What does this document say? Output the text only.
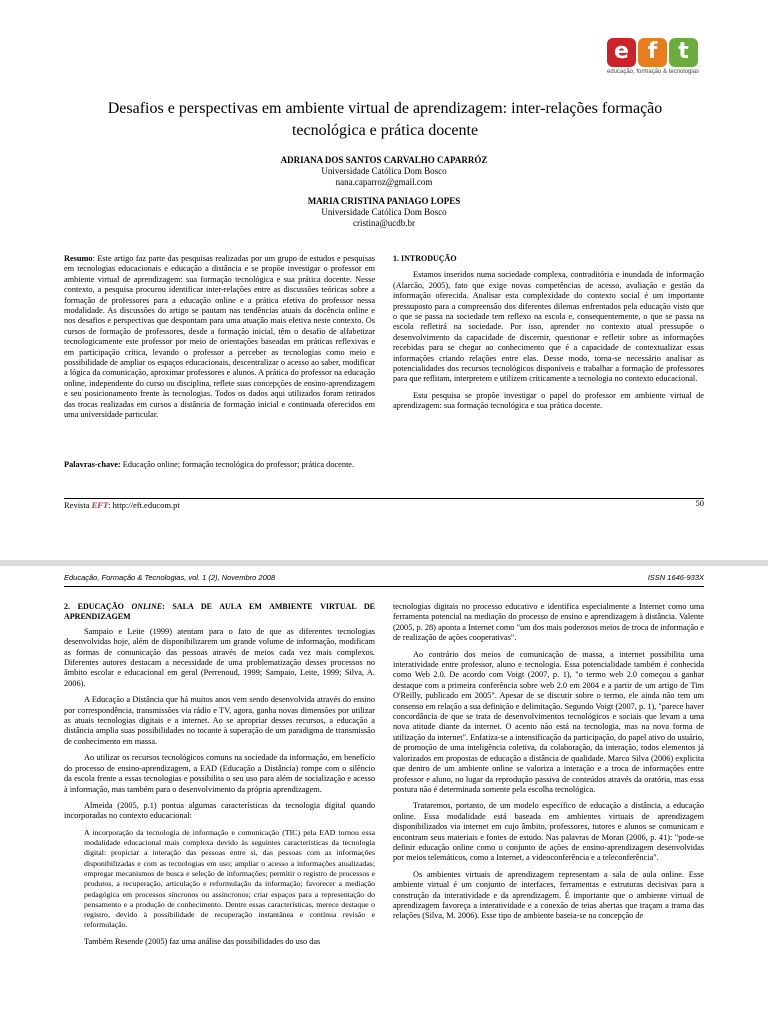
e f t
educação, formação & tecnologias
Desafios e perspectivas em ambiente virtual de aprendizagem: inter-relações formação
tecnológica e prática docente
ADRIANA DOS SANTOS CARVALHO CAPARRÓZ
Universidade Católica Dom Bosco
nana.caparroz@gmail.com
MARIA CRISTINA PANIAGO LOPES
Universidade Católica Dom Bosco
cristina@ucdb.br
Resumo: Este artigo faz parte das pesquisas realizadas por um grupo de estudos e pesquisas em tecnologias educacionais e educação a distância e se propõe investigar o professor em ambiente virtual de aprendizagem: sua formação tecnológica e sua prática docente. Nesse contexto, a pesquisa procurou identificar inter-relações entre as discussões teóricas sobre a formação de professores para a educação online e a prática efetiva do professor nessa modalidade. As discussões do artigo se pautam nas tendências atuais da docência online e nos desafios e perspectivas que despontam para uma atuação mais efetiva neste contexto. Os cursos de formação de professores, desde a formação inicial, têm o desafio de alfabetizar tecnologicamente este professor por meio de orientações baseadas em práticas reflexivas e em participação crítica, levando o professor a perceber as tecnologias como meio e possibilidade de ampliar os espaços educacionais, descentralizar o acesso ao saber, modificar a lógica da comunicação, aproximar professores e alunos. A prática do professor na educação online, independente do curso ou disciplina, reflete suas concepções de ensino-aprendizagem e seu posicionamento frente às tecnologias. Todos os dados aqui utilizados foram retirados das trocas realizadas em cursos a distância de formação inicial e continuada oferecidos em uma universidade particular.
Palavras-chave: Educação online; formação tecnológica do professor; prática docente.
1. INTRODUÇÃO

Estamos inseridos numa sociedade complexa, contraditória e inundada de informação (Alarcão, 2005), fato que exige novas competências de acesso, avaliação e gestão da informação oferecida. Analisar esta complexidade do contexto social é um importante pressuposto para a compreensão dos diferentes dilemas enfrentados pela educação visto que o que se passa na sociedade tem reflexo na escola e, consequentemente, o que se passa na escola refletirá na sociedade. Por isso, aprender no contexto atual pressupõe o desenvolvimento da capacidade de discernir, questionar e refletir sobre as informações recebidas para se chegar ao conhecimento que é a capacidade de contextualizar essas informações criando relações entre elas. Desse modo, torna-se necessário analisar as potencialidades dos recursos tecnológicos disponíveis e trabalhar a formação de professores para que reflitam, interpretem e utilizem criticamente a tecnologia no contexto educacional.

Esta pesquisa se propõe investigar o papel do professor em ambiente virtual de aprendizagem: sua formação tecnológica e sua prática docente.

Revista EFT: http://eft.educom.pt	50
Educação, Formação & Tecnologias, vol. 1 (2), Novembro 2008	ISSN 1646-933X

2. EDUCAÇÃO ONLINE: SALA DE AULA EM AMBIENTE VIRTUAL DE APRENDIZAGEM

Sampaio e Leite (1999) atentam para o fato de que as diferentes tecnologias desenvolvidas hoje, além de disponibilizarem um grande volume de informação, modificam as formas de comunicação das pessoas através de meios cada vez mais complexos. Diferentes autores destacam a necessidade de uma problematização desses processos no âmbito escolar e educacional em geral (Perrenoud, 1999; Sampaio, Leite, 1999; Silva, A. 2006).

A Educação a Distância que há muitos anos vem sendo desenvolvida através do ensino por correspondência, transmissões via rádio e TV, agora, ganha novas dimensões por utilizar as atuais tecnologias digitais e a internet. Ao se apropriar desses recursos, a educação a distância amplia suas possibilidades no tocante à superação de um paradigma de transmissão de conhecimento em massa.

Ao utilizar os recursos tecnológicos comuns na sociedade da informação, em benefício do processo de ensino-aprendizagem, a EAD (Educação a Distância) rompe com o silêncio da escola frente a essas tecnologias e possibilita o seu uso para além de socialização e acesso à informação, mas também para o desenvolvimento da própria aprendizagem.

Almeida (2005, p.1) pontua algumas características da tecnologia digital quando incorporadas no contexto educacional:

A incorporação da tecnologia de informação e comunicação (TIC) pela EAD tornou essa modalidade educacional mais complexa devido às seguintes características da tecnologia digital: propiciar a interação das pessoas entre si, das pessoas com as informações disponibilizadas e com as tecnologias em uso; ampliar o acesso a informações atualizadas; empregar mecanismos de busca e seleção de informações; permitir o registro de processos e produtos, a recuperação, articulação e reformulação da informação; favorecer a mediação pedagógica em processos síncronos ou assíncronos; criar espaços para a representação do pensamento e a produção de conhecimento. Dentre essas características, merece destaque o registro, devido à possibilidade de recuperação instantânea e contínua revisão e reformulação.

Também Resende (2005) faz uma análise das possibilidades do uso das

tecnologias digitais no processo educativo e identifica especialmente a Internet como uma ferramenta potencial na mediação do processo de ensino e aprendizagem à distância. Valente (2005, p. 28) aponta a Internet como "um dos mais poderosos meios de troca de informação e de realização de ações cooperativas".

Ao contrário dos meios de comunicação de massa, a internet possibilita uma interatividade entre professor, aluno e tecnologia. Essa potencialidade também é conhecida como Web 2.0. De acordo com Voigt (2007, p. 1), "o termo web 2.0 começou a ganhar destaque com a primeira conferência sobre web 2.0 em 2004 e a partir de um artigo de Tim O'Reilly, publicado em 2005". Apesar de se discutir sobre o termo, ele ainda não tem um consenso em relação a sua definição e delimitação. Segundo Voigt (2007, p. 1), "parece haver concordância de que se trata de desenvolvimentos tecnológicos e sociais que levam a uma nova atitude diante da internet. O acento não está na tecnologia, mas na nova forma de utilização da internet". Enfatiza-se a intensificação da participação, do papel ativo do usuário, de promoção de uma inteligência coletiva, da colaboração, da interação, todos elementos já valorizados em propostas de educação a distância de qualidade. Marco Silva (2006) explicita que dentro de um ambiente online se valoriza a interação e a troca de informações entre professor e aluno, no lugar da reprodução passiva de conteúdos através da oratória, mas essa postura não é determinada somente pela escolha tecnológica.

Trataremos, portanto, de um modelo específico de educação a distância, a educação online. Essa modalidade está baseada em ambientes virtuais de aprendizagem disponibilizados via internet em cujo âmbito, professores, tutores e alunos se comunicam e encontram seus materiais e fontes de estudo. Nas palavras de Moran (2006, p. 41): "pode-se definir educação online como o conjunto de ações de ensino-aprendizagem desenvolvidas por meios telemáticos, como a Internet, a videoconferência e a teleconferência".

Os ambientes virtuais de aprendizagem representam a sala de aula online. Esse ambiente virtual é um conjunto de interfaces, ferramentas e estruturas decisivas para a construção da interatividade e da aprendizagem. É importante que o ambiente virtual de aprendizagem favoreça a interatividade e a conexão de teias abertas que traçam a trama das relações (Silva, M. 2006). Esse tipo de ambiente baseia-se na concepção de
